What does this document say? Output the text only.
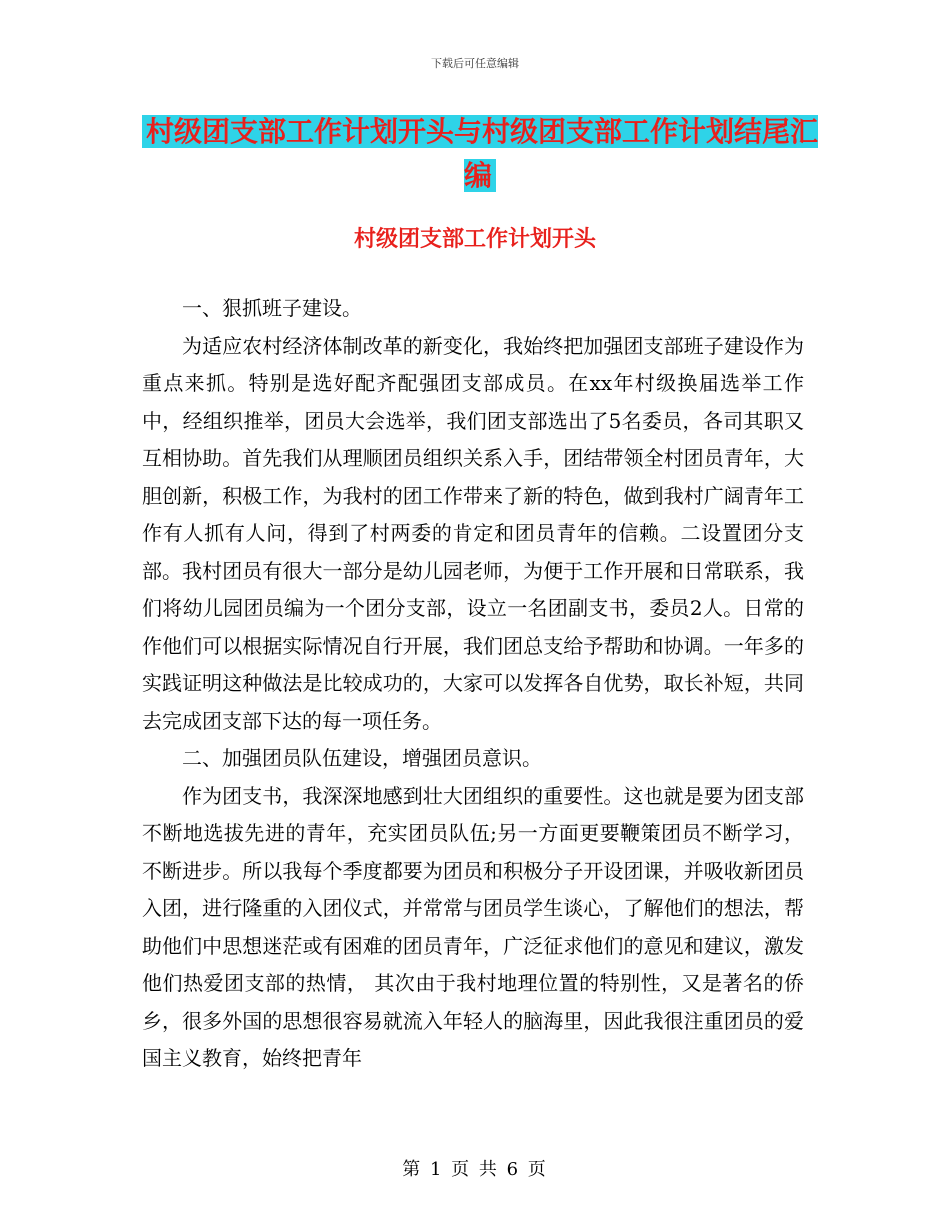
下载后可任意编辑
村级团支部工作计划开头与村级团支部工作计划结尾汇编
村级团支部工作计划开头

一、狠抓班子建设。

为适应农村经济体制改革的新变化，我始终把加强团支部班子建设作为重点来抓。特别是选好配齐配强团支部成员。在xx年村级换届选举工作中，经组织推举，团员大会选举，我们团支部选出了5名委员，各司其职又互相协助。首先我们从理顺团员组织关系入手，团结带领全村团员青年，大胆创新，积极工作，为我村的团工作带来了新的特色，做到我村广阔青年工作有人抓有人问，得到了村两委的肯定和团员青年的信赖。二设置团分支部。我村团员有很大一部分是幼儿园老师，为便于工作开展和日常联系，我们将幼儿园团员编为一个团分支部，设立一名团副支书，委员2人。日常的作他们可以根据实际情况自行开展，我们团总支给予帮助和协调。一年多的实践证明这种做法是比较成功的，大家可以发挥各自优势，取长补短，共同去完成团支部下达的每一项任务。

二、加强团员队伍建设，增强团员意识。

作为团支书，我深深地感到壮大团组织的重要性。这也就是要为团支部不断地选拔先进的青年，充实团员队伍;另一方面更要鞭策团员不断学习，不断进步。所以我每个季度都要为团员和积极分子开设团课，并吸收新团员入团，进行隆重的入团仪式，并常常与团员学生谈心，了解他们的想法，帮助他们中思想迷茫或有困难的团员青年，广泛征求他们的意见和建议，激发他们热爱团支部的热情， 其次由于我村地理位置的特别性，又是著名的侨乡，很多外国的思想很容易就流入年轻人的脑海里，因此我很注重团员的爱国主义教育，始终把青年

第 1 页 共 6 页
